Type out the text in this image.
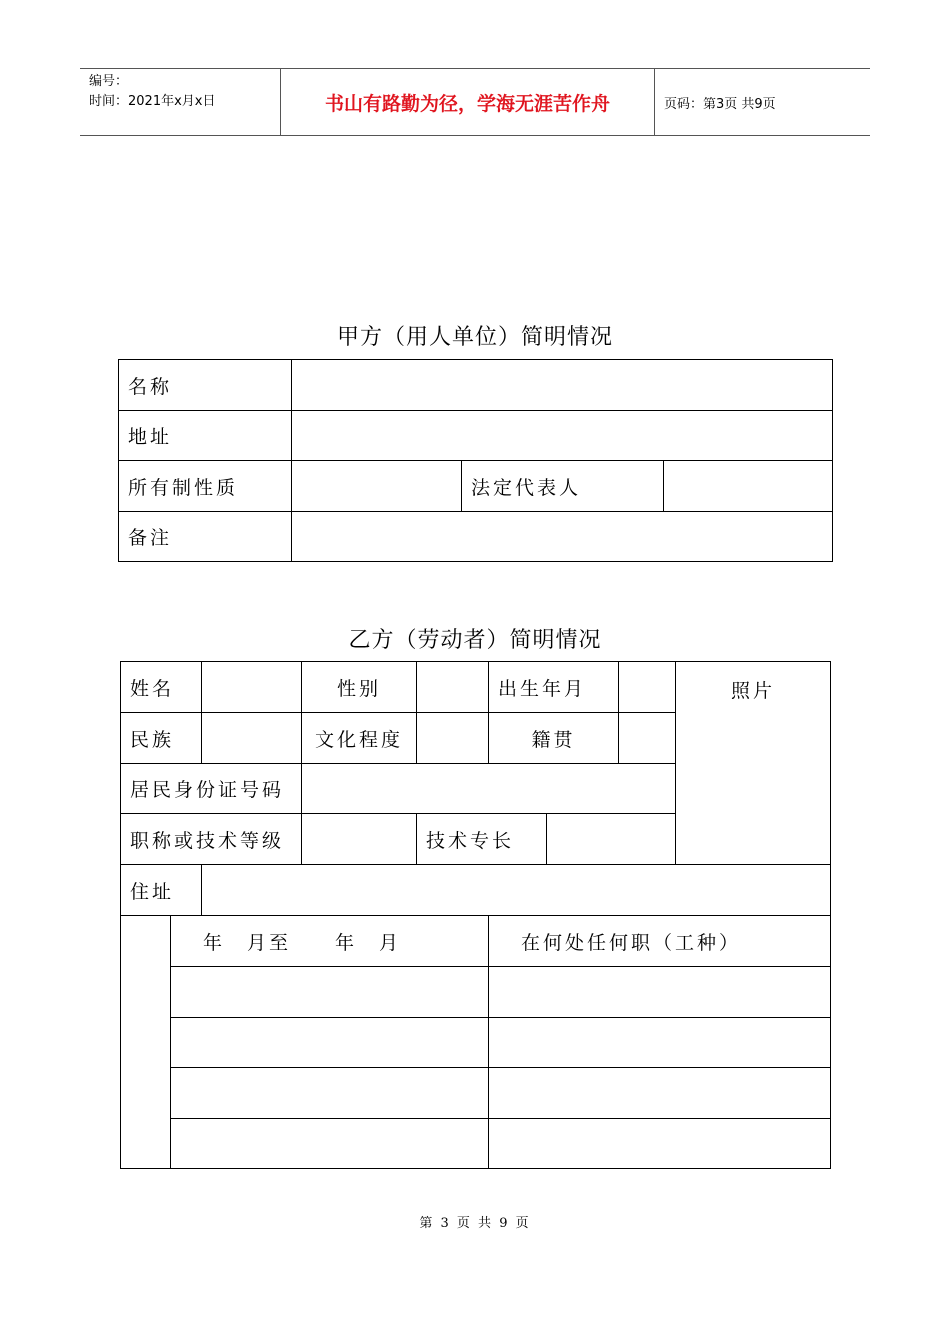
编号：
时间：2021年x月x日	书山有路勤为径，学海无涯苦作舟	页码：第3页 共9页
甲方（用人单位）简明情况
名称			
地址			
所有制性质		法定代表人	
备注			
乙方（劳动者）简明情况
姓名			性别		出生年月			照片
民族			文化程度		籍贯			
居民身份证号码								
职称或技术等级				技术专长				
住址								
	年　月至　　年　月				在何处任何职（工种）			

第 3 页 共 9 页
